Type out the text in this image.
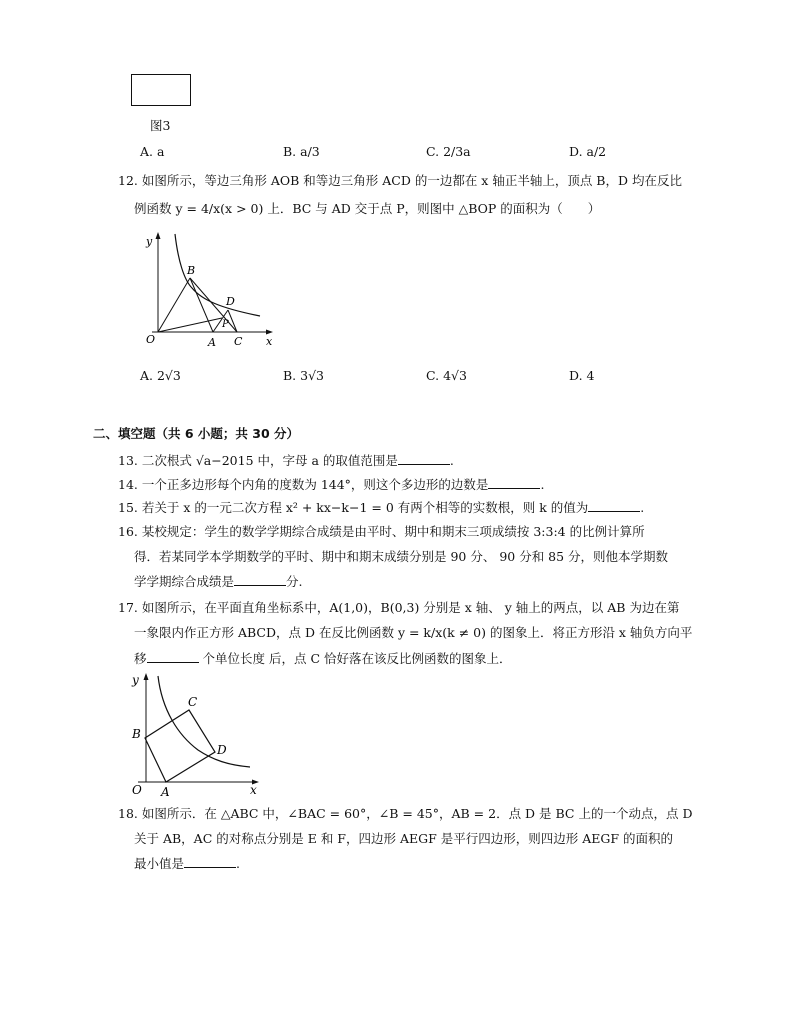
图3
A. a	B. a/3	C. 2/3a	D. a/2
12. 如图所示，等边三角形 AOB 和等边三角形 ACD 的一边都在 x 轴正半轴上，顶点 B，D 均在反比
例函数 y = 4/x(x > 0) 上．BC 与 AD 交于点 P，则图中 △BOP 的面积为（　　）
y
x
O	A
B
C
D
P
A. 2√3	B. 3√3	C. 4√3	D. 4
二、填空题（共 6 小题；共 30 分）
13. 二次根式 √a−2015 中，字母 a 的取值范围是	.
14. 一个正多边形每个内角的度数为 144°，则这个多边形的边数是	.
15. 若关于 x 的一元二次方程 x² + kx−k−1 = 0 有两个相等的实数根，则 k 的值为	.
16. 某校规定：学生的数学学期综合成绩是由平时、期中和期末三项成绩按 3:3:4 的比例计算所
得．若某同学本学期数学的平时、期中和期末成绩分别是 90 分、 90 分和 85 分，则他本学期数
学学期综合成绩是	分.
17. 如图所示，在平面直角坐标系中，A(1,0)，B(0,3) 分别是 x 轴、 y 轴上的两点，以 AB 为边在第
一象限内作正方形 ABCD，点 D 在反比例函数 y = k/x(k ≠ 0) 的图象上．将正方形沿 x 轴负方向平
移	个单位长度 后，点 C 恰好落在该反比例函数的图象上．
y
x
O A
B
C
D
18. 如图所示．在 △ABC 中，∠BAC = 60°，∠B = 45°，AB = 2．点 D 是 BC 上的一个动点，点 D
关于 AB，AC 的对称点分别是 E 和 F，四边形 AEGF 是平行四边形，则四边形 AEGF 的面积的
最小值是	.
